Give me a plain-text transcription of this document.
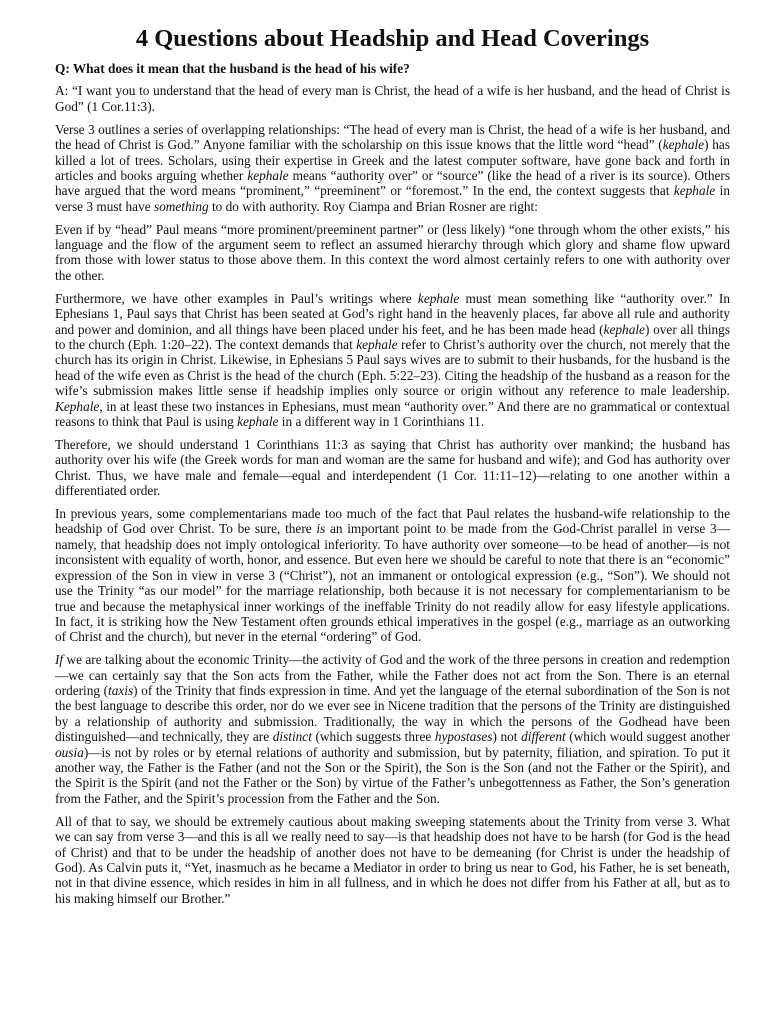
4 Questions about Headship and Head Coverings
Q: What does it mean that the husband is the head of his wife?

A: “I want you to understand that the head of every man is Christ, the head of a wife is her husband, and the head of Christ is God” (1 Cor.11:3).

Verse 3 outlines a series of overlapping relationships: “The head of every man is Christ, the head of a wife is her husband, and the head of Christ is God.” Anyone familiar with the scholarship on this issue knows that the little word “head” (kephale) has killed a lot of trees. Scholars, using their expertise in Greek and the latest computer software, have gone back and forth in articles and books arguing whether kephale means “authority over” or “source” (like the head of a river is its source). Others have argued that the word means “prominent,” “preeminent” or “foremost.” In the end, the context suggests that kephale in verse 3 must have something to do with authority. Roy Ciampa and Brian Rosner are right:

Even if by “head” Paul means “more prominent/preeminent partner” or (less likely) “one through whom the other exists,” his language and the flow of the argument seem to reflect an assumed hierarchy through which glory and shame flow upward from those with lower status to those above them. In this context the word almost certainly refers to one with authority over the other.

Furthermore, we have other examples in Paul’s writings where kephale must mean something like “authority over.” In Ephesians 1, Paul says that Christ has been seated at God’s right hand in the heavenly places, far above all rule and authority and power and dominion, and all things have been placed under his feet, and he has been made head (kephale) over all things to the church (Eph. 1:20–22). The context demands that kephale refer to Christ’s authority over the church, not merely that the church has its origin in Christ. Likewise, in Ephesians 5 Paul says wives are to submit to their husbands, for the husband is the head of the wife even as Christ is the head of the church (Eph. 5:22–23). Citing the headship of the husband as a reason for the wife’s submission makes little sense if headship implies only source or origin without any reference to male leadership. Kephale, in at least these two instances in Ephesians, must mean “authority over.” And there are no grammatical or contextual reasons to think that Paul is using kephale in a different way in 1 Corinthians 11.

Therefore, we should understand 1 Corinthians 11:3 as saying that Christ has authority over mankind; the husband has authority over his wife (the Greek words for man and woman are the same for husband and wife); and God has authority over Christ. Thus, we have male and female—equal and interdependent (1 Cor. 11:11–12)—relating to one another within a differentiated order.

In previous years, some complementarians made too much of the fact that Paul relates the husband-wife relationship to the headship of God over Christ. To be sure, there is an important point to be made from the God-Christ parallel in verse 3—namely, that headship does not imply ontological inferiority. To have authority over someone—to be head of another—is not inconsistent with equality of worth, honor, and essence. But even here we should be careful to note that there is an “economic” expression of the Son in view in verse 3 (“Christ”), not an immanent or ontological expression (e.g., “Son”). We should not use the Trinity “as our model” for the marriage relationship, both because it is not necessary for complementarianism to be true and because the metaphysical inner workings of the ineffable Trinity do not readily allow for easy lifestyle applications. In fact, it is striking how the New Testament often grounds ethical imperatives in the gospel (e.g., marriage as an outworking of Christ and the church), but never in the eternal “ordering” of God.

If we are talking about the economic Trinity—the activity of God and the work of the three persons in creation and redemption—we can certainly say that the Son acts from the Father, while the Father does not act from the Son. There is an eternal ordering (taxis) of the Trinity that finds expression in time. And yet the language of the eternal subordination of the Son is not the best language to describe this order, nor do we ever see in Nicene tradition that the persons of the Trinity are distinguished by a relationship of authority and submission. Traditionally, the way in which the persons of the Godhead have been distinguished—and technically, they are distinct (which suggests three hypostases) not different (which would suggest another ousia)—is not by roles or by eternal relations of authority and submission, but by paternity, filiation, and spiration. To put it another way, the Father is the Father (and not the Son or the Spirit), the Son is the Son (and not the Father or the Spirit), and the Spirit is the Spirit (and not the Father or the Son) by virtue of the Father’s unbegottenness as Father, the Son’s generation from the Father, and the Spirit’s procession from the Father and the Son.

All of that to say, we should be extremely cautious about making sweeping statements about the Trinity from verse 3. What we can say from verse 3—and this is all we really need to say—is that headship does not have to be harsh (for God is the head of Christ) and that to be under the headship of another does not have to be demeaning (for Christ is under the headship of God). As Calvin puts it, “Yet, inasmuch as he became a Mediator in order to bring us near to God, his Father, he is set beneath, not in that divine essence, which resides in him in all fullness, and in which he does not differ from his Father at all, but as to his making himself our Brother.”
